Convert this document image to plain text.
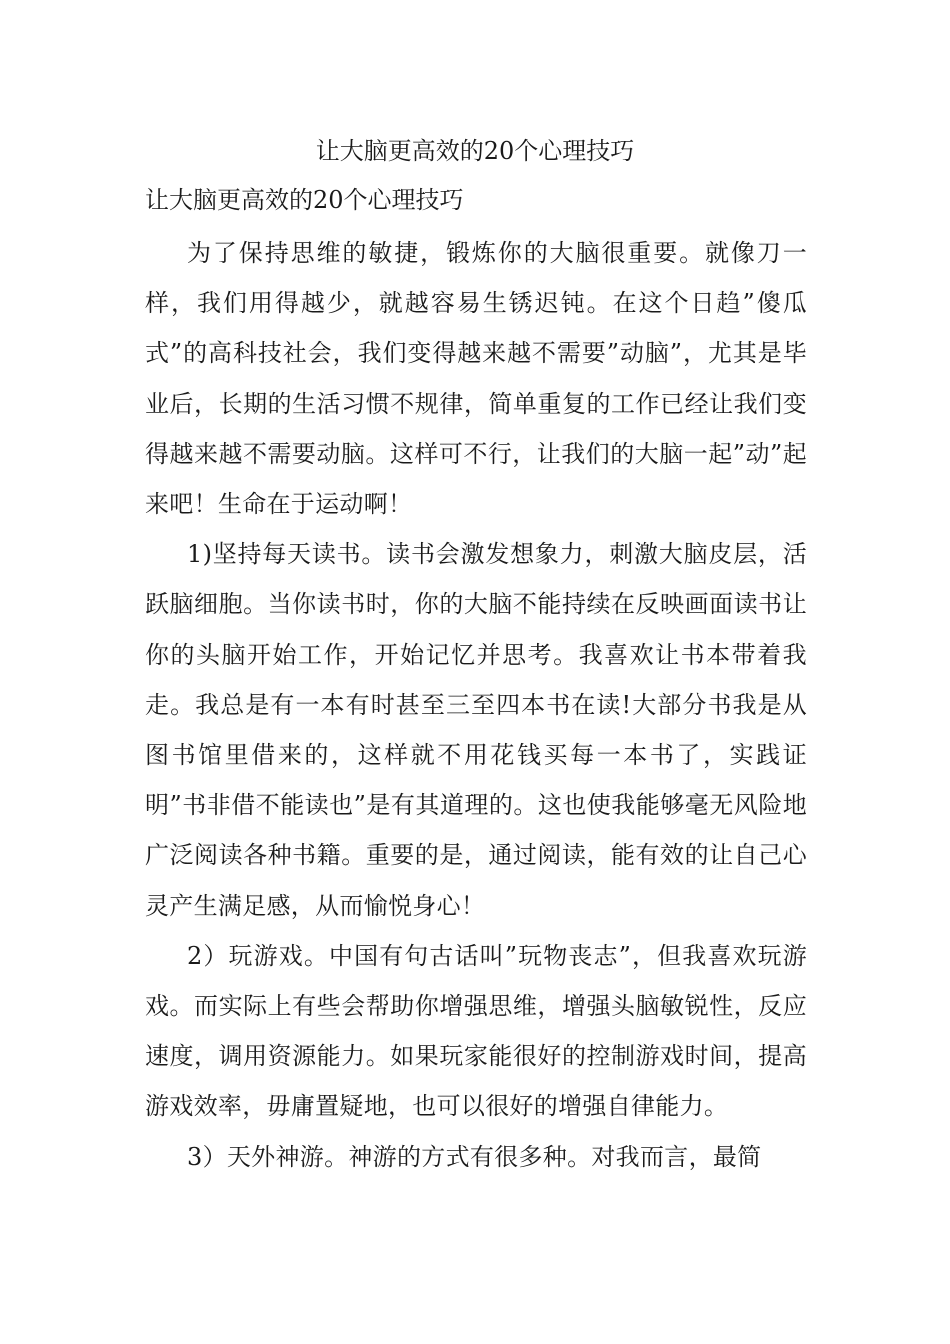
让大脑更高效的20个心理技巧
让大脑更高效的20个心理技巧

为了保持思维的敏捷，锻炼你的大脑很重要。就像刀一样，我们用得越少，就越容易生锈迟钝。在这个日趋”傻瓜式”的高科技社会，我们变得越来越不需要”动脑”，尤其是毕业后，长期的生活习惯不规律，简单重复的工作已经让我们变得越来越不需要动脑。这样可不行，让我们的大脑一起”动”起来吧！生命在于运动啊！

1)坚持每天读书。读书会激发想象力，刺激大脑皮层，活跃脑细胞。当你读书时，你的大脑不能持续在反映画面读书让你的头脑开始工作，开始记忆并思考。我喜欢让书本带着我走。我总是有一本有时甚至三至四本书在读!大部分书我是从图书馆里借来的，这样就不用花钱买每一本书了，实践证明”书非借不能读也”是有其道理的。这也使我能够毫无风险地广泛阅读各种书籍。重要的是，通过阅读，能有效的让自己心灵产生满足感，从而愉悦身心！

2）玩游戏。中国有句古话叫”玩物丧志”，但我喜欢玩游戏。而实际上有些会帮助你增强思维，增强头脑敏锐性，反应速度，调用资源能力。如果玩家能很好的控制游戏时间，提高游戏效率，毋庸置疑地，也可以很好的增强自律能力。

3）天外神游。神游的方式有很多种。对我而言，最简
